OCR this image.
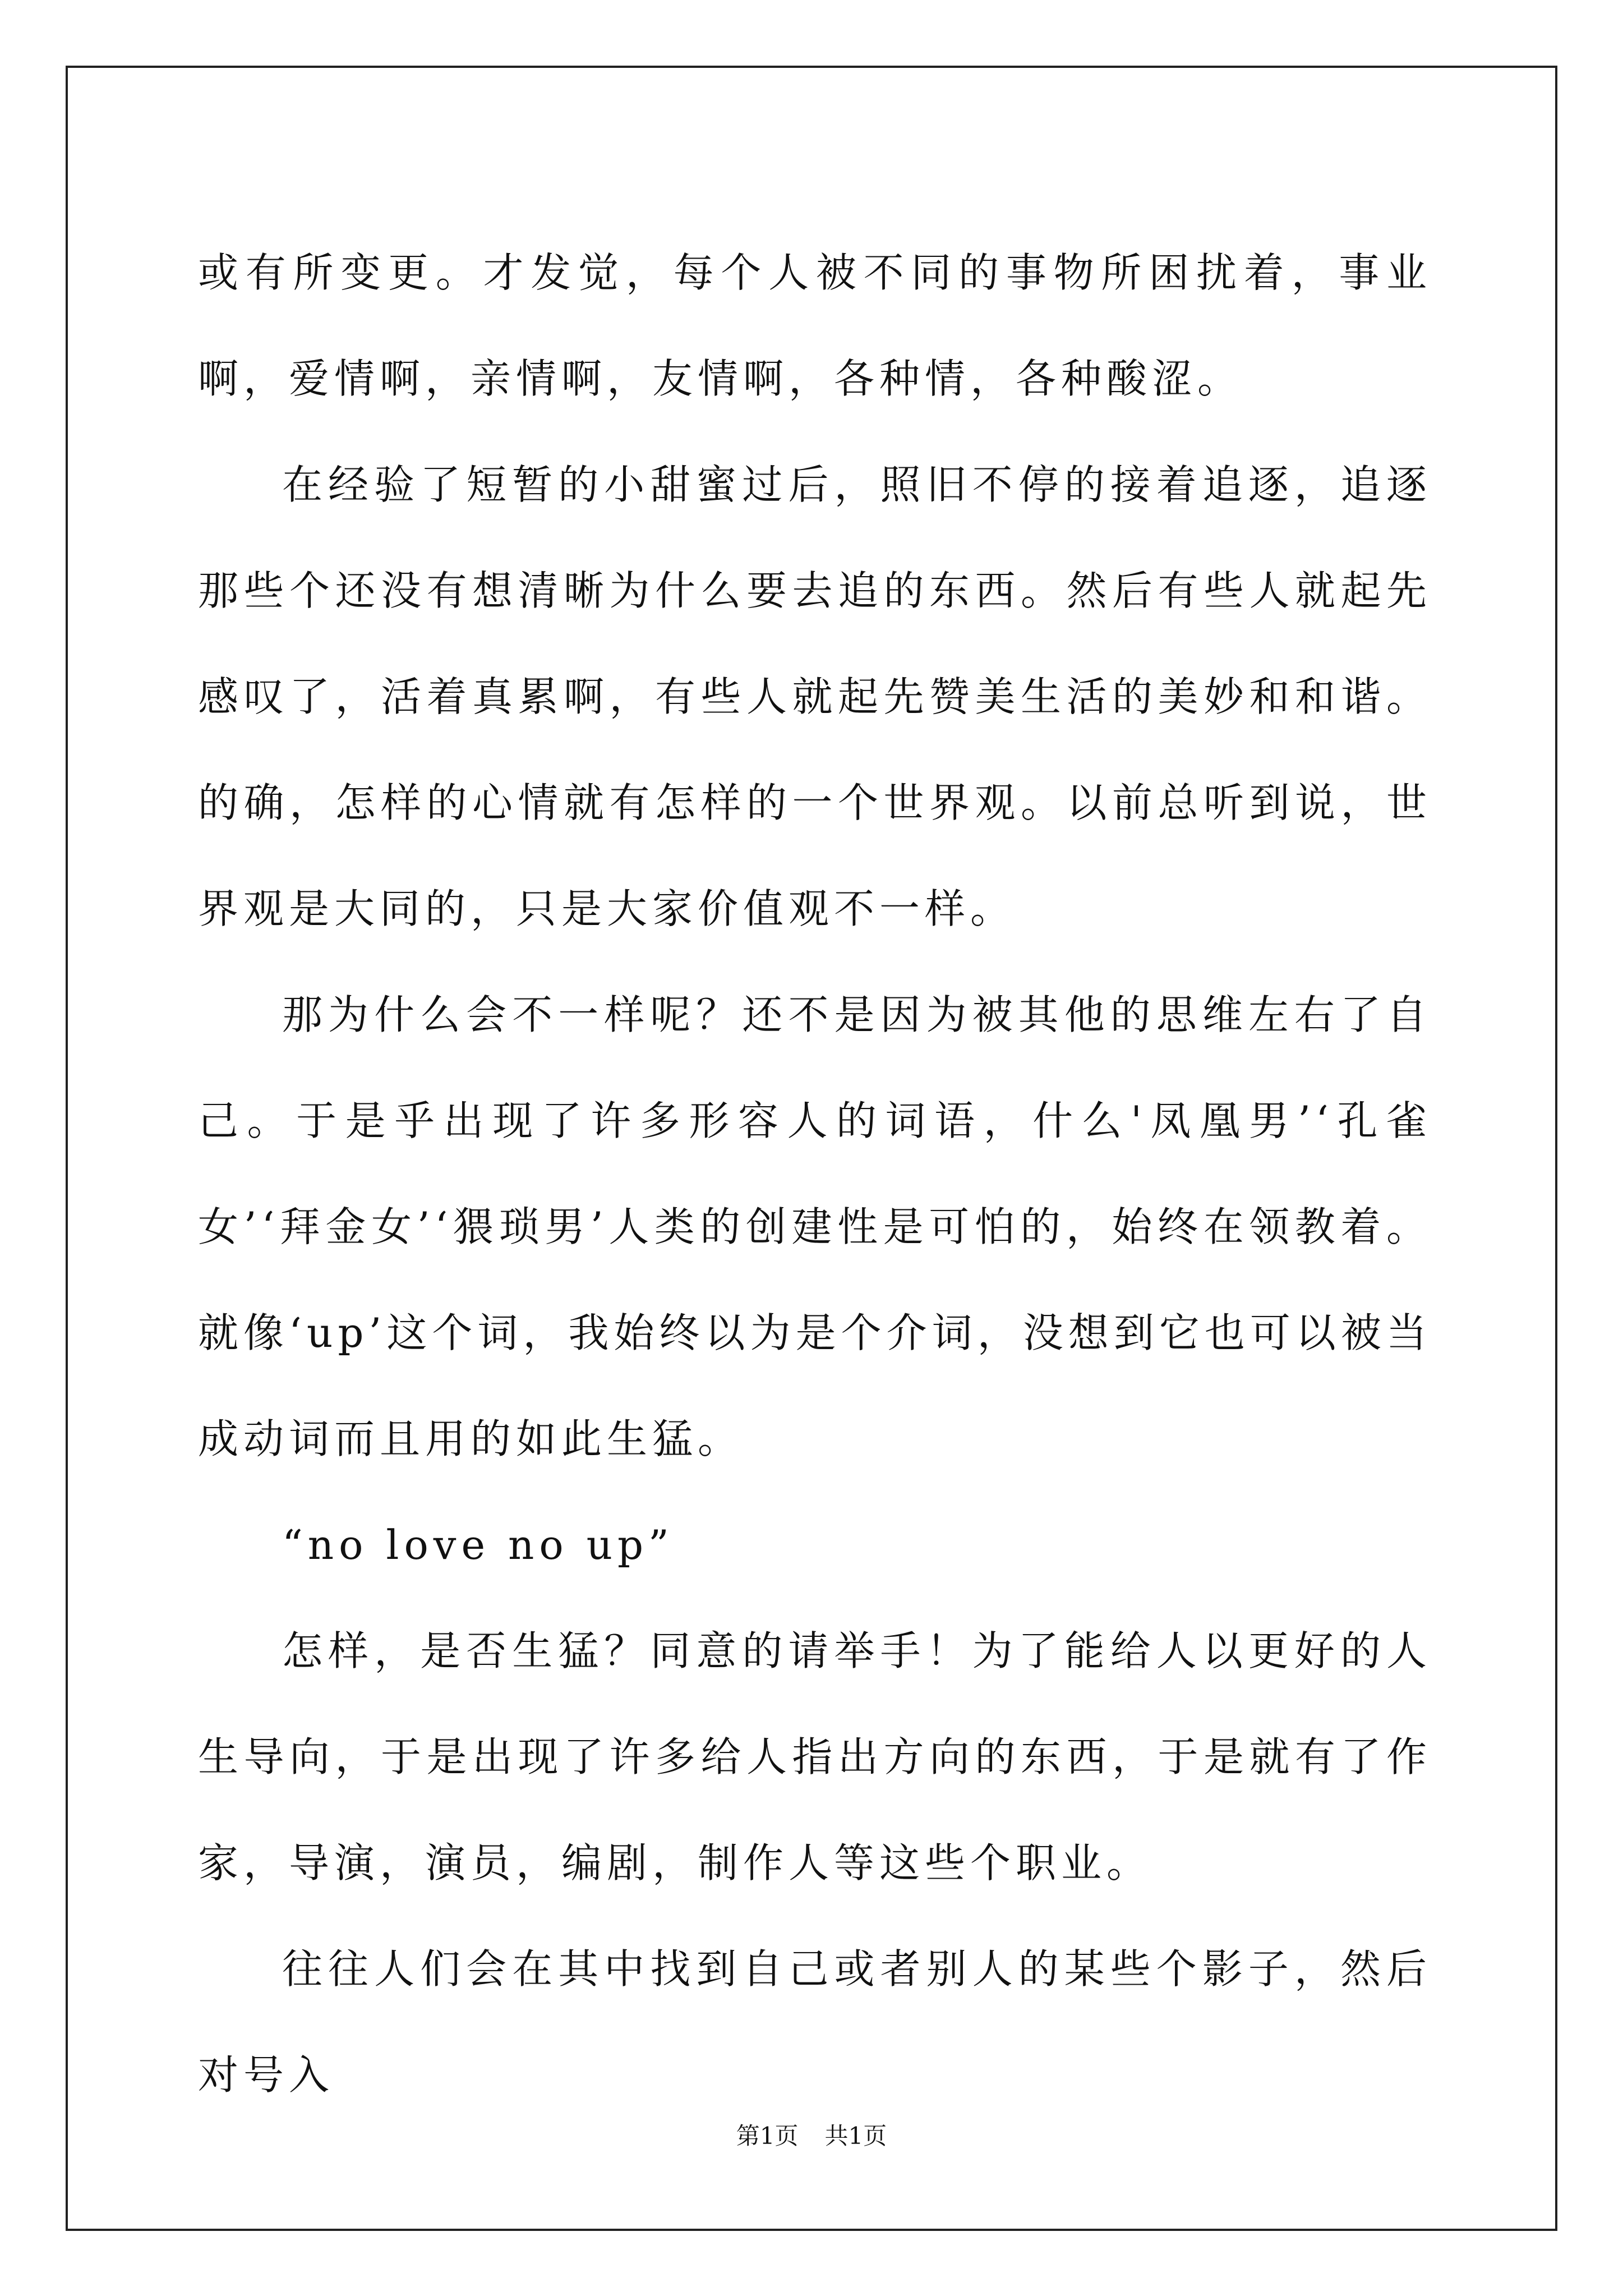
或有所变更。才发觉，每个人被不同的事物所困扰着，事业啊，爱情啊，亲情啊，友情啊，各种情，各种酸涩。

在经验了短暂的小甜蜜过后，照旧不停的接着追逐，追逐那些个还没有想清晰为什么要去追的东西。然后有些人就起先感叹了，活着真累啊，有些人就起先赞美生活的美妙和和谐。的确，怎样的心情就有怎样的一个世界观。以前总听到说，世界观是大同的，只是大家价值观不一样。

那为什么会不一样呢？还不是因为被其他的思维左右了自己。于是乎出现了许多形容人的词语，什么'凤凰男’‘孔雀女’‘拜金女’‘猥琐男’人类的创建性是可怕的，始终在领教着。就像‘up’这个词，我始终以为是个介词，没想到它也可以被当成动词而且用的如此生猛。

“no love no up”

怎样，是否生猛？同意的请举手！为了能给人以更好的人生导向，于是出现了许多给人指出方向的东西，于是就有了作家，导演，演员，编剧，制作人等这些个职业。

往往人们会在其中找到自己或者别人的某些个影子，然后对号入

第1页 共1页
